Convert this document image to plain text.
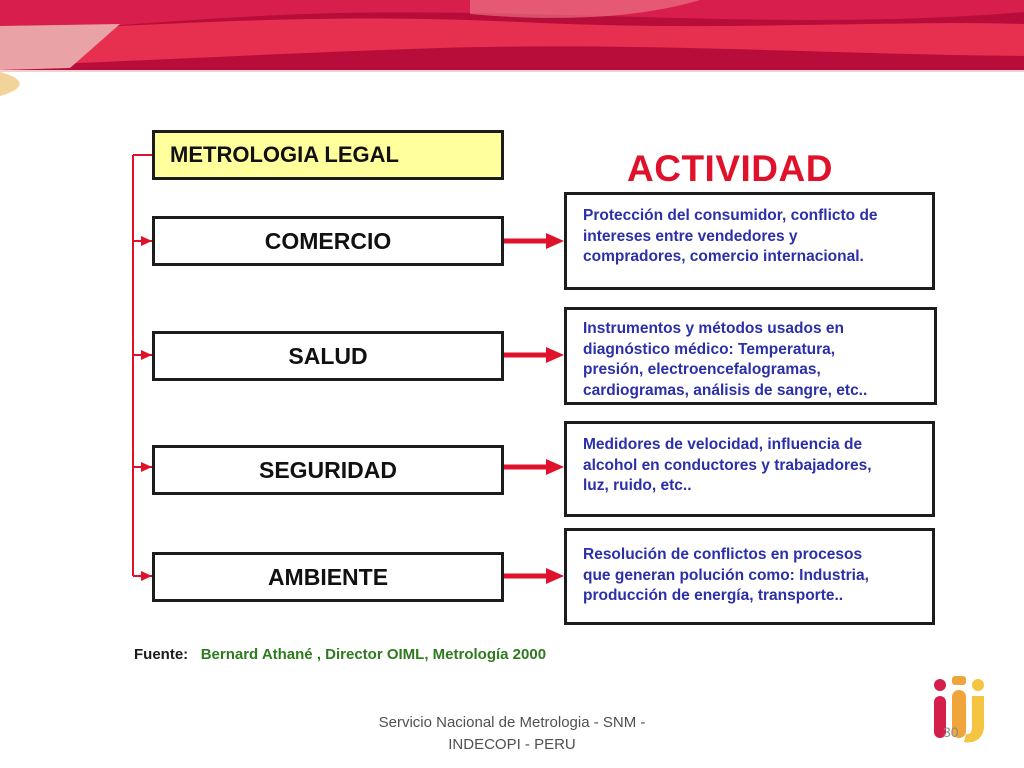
METROLOGIA LEGAL	ACTIVIDAD
COMERCIO
SALUD
SEGURIDAD
AMBIENTE
Protección del consumidor, conflicto de
intereses entre vendedores y
compradores, comercio internacional.
Instrumentos y métodos usados en
diagnóstico médico: Temperatura,
presión, electroencefalogramas,
cardiogramas, análisis de sangre, etc..
Medidores de velocidad, influencia de
alcohol en conductores y trabajadores,
luz, ruido, etc..
Resolución de conflictos en procesos
que generan polución como: Industria,
producción de energía, transporte..
Fuente: Bernard Athané , Director OIML, Metrología 2000
Servicio Nacional de Metrologia - SNM -
INDECOPI - PERU
30
